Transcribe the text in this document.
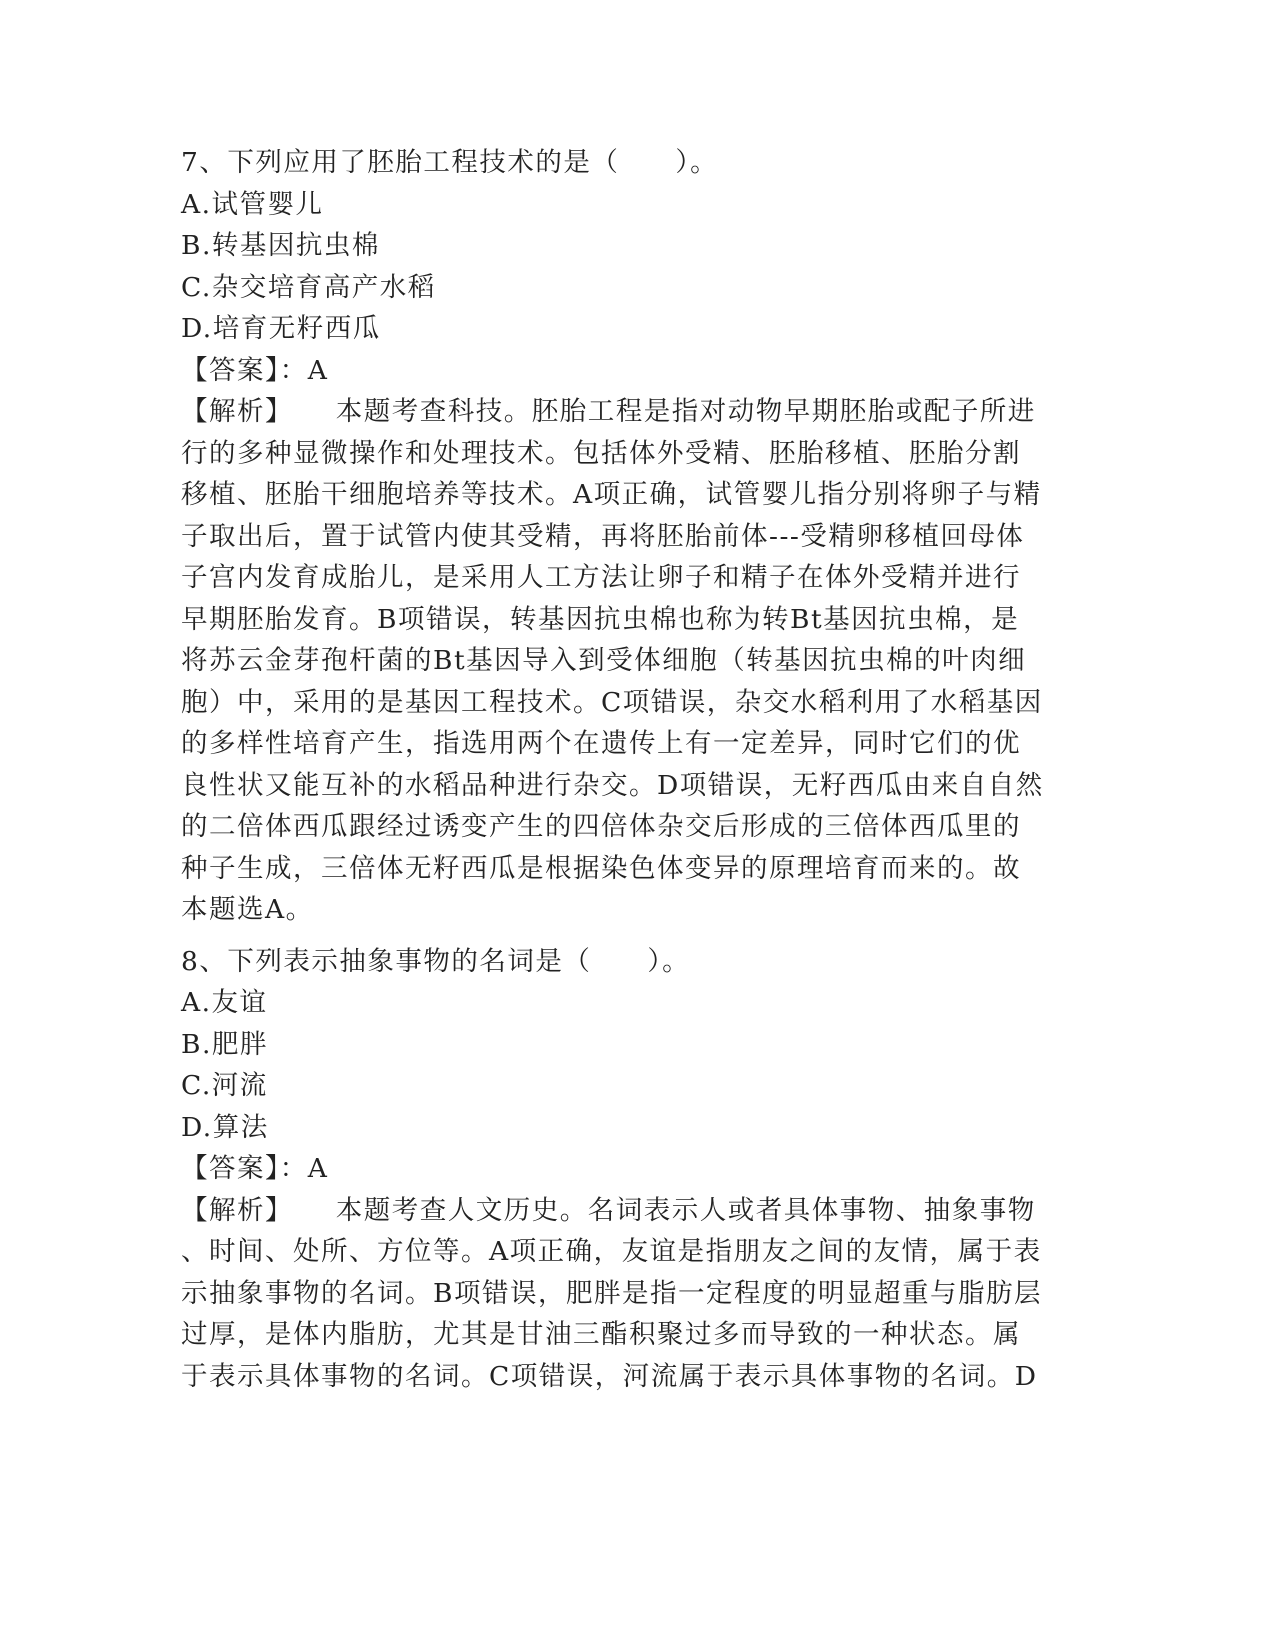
7、下列应用了胚胎工程技术的是（　　）。

A.试管婴儿

B.转基因抗虫棉

C.杂交培育高产水稻

D.培育无籽西瓜

【答案】：A

【解析】　　 本题考查科技。胚胎工程是指对动物早期胚胎或配子所进

行的多种显微操作和处理技术。包括体外受精、胚胎移植、胚胎分割

移植、胚胎干细胞培养等技术。A项正确，试管婴儿指分别将卵子与精

子取出后，置于试管内使其受精，再将胚胎前体---受精卵移植回母体

子宫内发育成胎儿，是采用人工方法让卵子和精子在体外受精并进行

早期胚胎发育。B项错误，转基因抗虫棉也称为转Bt基因抗虫棉，是

将苏云金芽孢杆菌的Bt基因导入到受体细胞（转基因抗虫棉的叶肉细

胞）中，采用的是基因工程技术。C项错误，杂交水稻利用了水稻基因

的多样性培育产生，指选用两个在遗传上有一定差异，同时它们的优

良性状又能互补的水稻品种进行杂交。D项错误，无籽西瓜由来自自然

的二倍体西瓜跟经过诱变产生的四倍体杂交后形成的三倍体西瓜里的

种子生成，三倍体无籽西瓜是根据染色体变异的原理培育而来的。故

本题选A。

8、下列表示抽象事物的名词是（　　）。

A.友谊

B.肥胖

C.河流

D.算法

【答案】：A

【解析】　　 本题考查人文历史。名词表示人或者具体事物、抽象事物

、时间、处所、方位等。A项正确，友谊是指朋友之间的友情，属于表

示抽象事物的名词。B项错误，肥胖是指一定程度的明显超重与脂肪层

过厚，是体内脂肪，尤其是甘油三酯积聚过多而导致的一种状态。属

于表示具体事物的名词。C项错误，河流属于表示具体事物的名词。D
